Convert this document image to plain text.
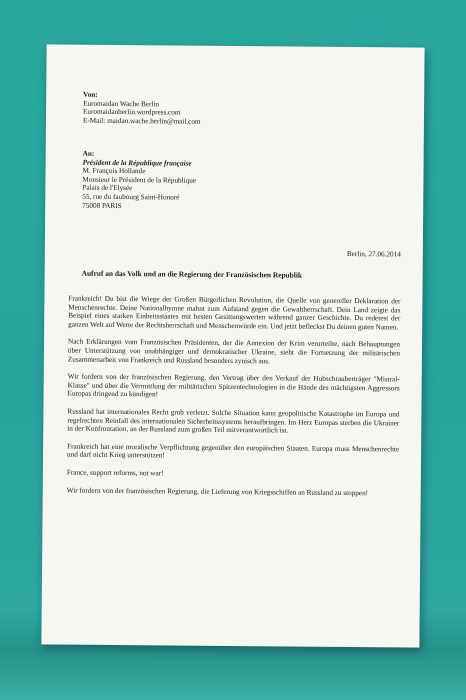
Von:
Euromaidan Wache Berlin
Euromaidanberlin.wordpress.com
E-Mail: maidan.wache.berlin@mail.com
An:
Président de la République française
M. François Hollande
Monsieur le Président de la République
Palais de l'Elysée
55, rue du faubourg Saint-Honoré
75008 PARIS
Berlin, 27.06.2014
Aufruf an das Volk und an die Regierung der Französischen Republik

Frankreich! Du bist die Wiege der Großen Bürgerlichen Revolution, die Quelle von genereller Deklaration der Menschenrechte. Deine Nationalhymne mahnt zum Aufstand gegen die Gewaltherrschaft. Dein Land zeigte das Beispiel eines starken Einheitsstaates mit besten Gesittungswerten während ganzer Geschichte. Du redetest der ganzen Welt auf Werte der Rechtsherrschaft und Menschenwürde ein. Und jetzt befleckst Du deinen guten Namen.

Nach Erklärungen vom Französischen Präsidenten, der die Annexion der Krim verurteilte, nach Behauptungen über Unterstützung von unabhängiger und demokratischer Ukraine, sieht die Fortsetzung der militärischen Zusammenarbeit von Frankreich und Russland besonders zynisch aus.

Wir fordern von der französischen Regierung, den Vertrag über den Verkauf der Hubschrauberträger "Mistral-Klasse" und über die Vermittlung der militärischen Spitzentechnologien in die Hände des mächtigsten Aggressors Europas dringend zu kündigen!

Russland hat internationales Recht grob verletzt. Solche Situation kann geopolitische Katastrophe im Europa und regelrechten Reinfall des internationalen Sicherheitssystems heraufbringen. Im Herz Europas sterben die Ukrainer in der Konfrontation, an der Russland zum großen Teil mitverantwortlich ist.

Frankreich hat eine moralische Verpflichtung gegenüber den europäischen Staaten. Europa muss Menschenrechte und darf nicht Krieg unterstützen!

France, support reforms, not war!

Wir fordern von der französischen Regierung, die Lieferung von Kriegsschiffen an Russland zu stoppen!
